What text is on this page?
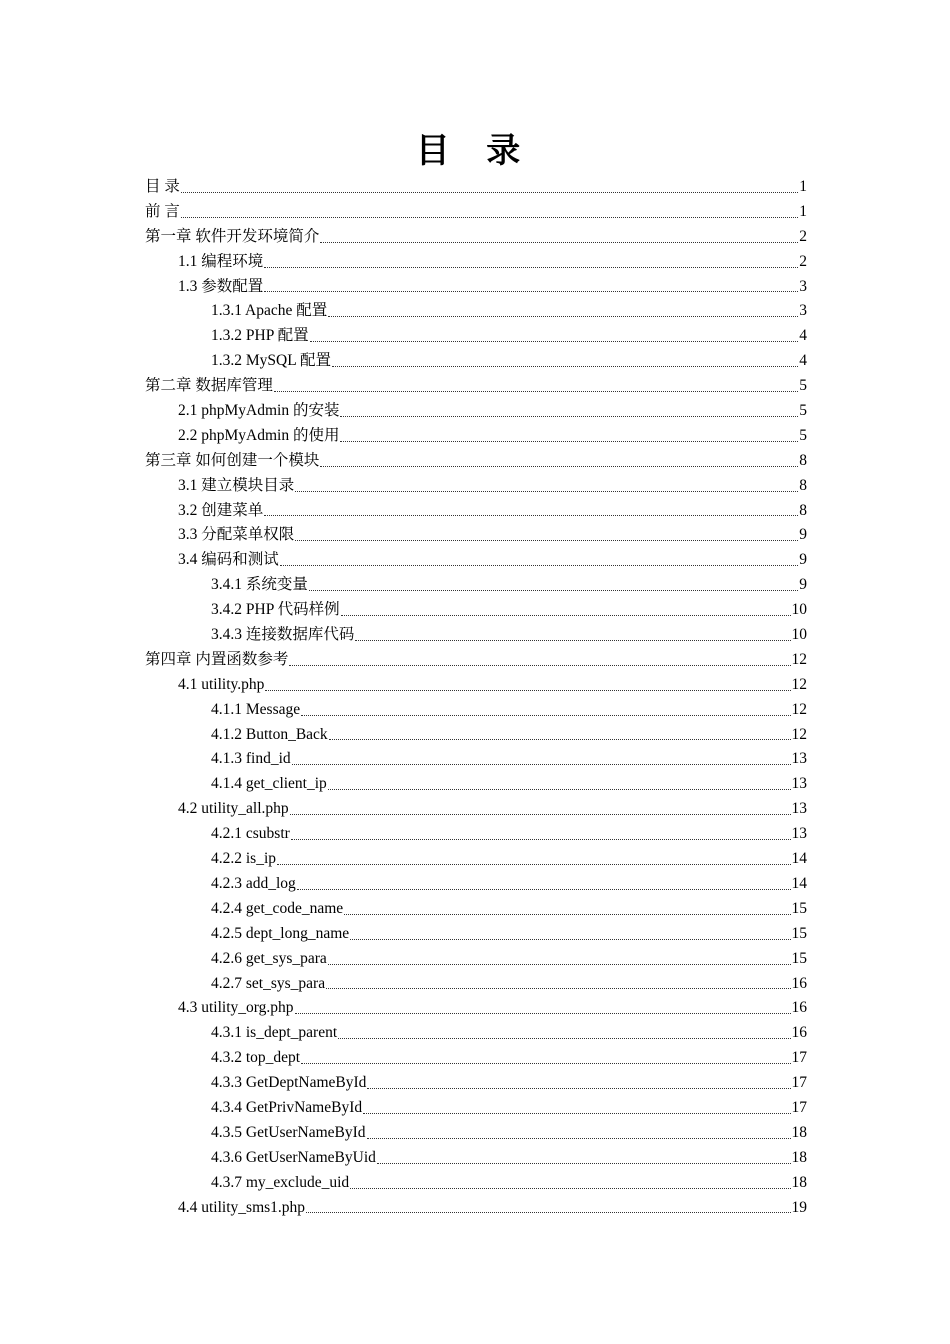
目 录
目 录	1
前 言	1
第一章 软件开发环境简介	2
1.1 编程环境	2
1.3 参数配置	3
1.3.1 Apache 配置	3
1.3.2 PHP 配置	4
1.3.2 MySQL 配置	4
第二章 数据库管理	5
2.1 phpMyAdmin 的安装	5
2.2 phpMyAdmin 的使用	5
第三章 如何创建一个模块	8
3.1 建立模块目录	8
3.2 创建菜单	8
3.3 分配菜单权限	9
3.4 编码和测试	9
3.4.1 系统变量	9
3.4.2 PHP 代码样例	10
3.4.3 连接数据库代码	10
第四章 内置函数参考	12
4.1 utility.php	12
4.1.1 Message	12
4.1.2 Button_Back	12
4.1.3 find_id	13
4.1.4 get_client_ip	13
4.2 utility_all.php	13
4.2.1 csubstr	13
4.2.2 is_ip	14
4.2.3 add_log	14
4.2.4 get_code_name	15
4.2.5 dept_long_name	15
4.2.6 get_sys_para	15
4.2.7 set_sys_para	16
4.3 utility_org.php	16
4.3.1 is_dept_parent	16
4.3.2 top_dept	17
4.3.3 GetDeptNameById	17
4.3.4 GetPrivNameById	17
4.3.5 GetUserNameById	18
4.3.6 GetUserNameByUid	18
4.3.7 my_exclude_uid	18
4.4 utility_sms1.php	19
